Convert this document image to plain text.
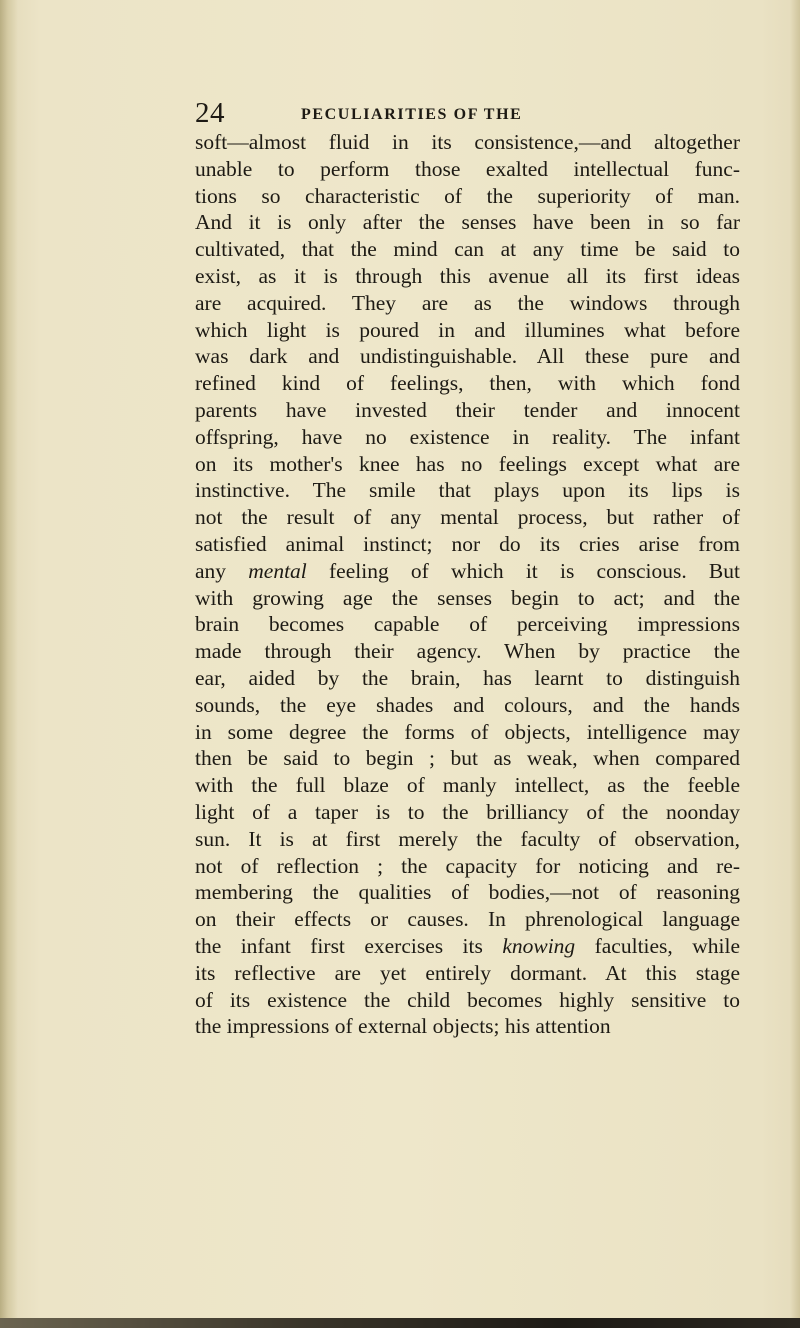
24	PECULIARITIES OF THE
soft—almost fluid in its consistence,—and altogether
unable to perform those exalted intellectual func-
tions so characteristic of the superiority of man.
And it is only after the senses have been in so far
cultivated, that the mind can at any time be said to
exist, as it is through this avenue all its first ideas
are acquired. They are as the windows through
which light is poured in and illumines what before
was dark and undistinguishable. All these pure and
refined kind of feelings, then, with which fond
parents have invested their tender and innocent
offspring, have no existence in reality. The infant
on its mother's knee has no feelings except what are
instinctive. The smile that plays upon its lips is
not the result of any mental process, but rather of
satisfied animal instinct; nor do its cries arise from
any mental feeling of which it is conscious. But
with growing age the senses begin to act; and the
brain becomes capable of perceiving impressions
made through their agency. When by practice the
ear, aided by the brain, has learnt to distinguish
sounds, the eye shades and colours, and the hands
in some degree the forms of objects, intelligence may
then be said to begin ; but as weak, when compared
with the full blaze of manly intellect, as the feeble
light of a taper is to the brilliancy of the noonday
sun. It is at first merely the faculty of observation,
not of reflection ; the capacity for noticing and re-
membering the qualities of bodies,—not of reasoning
on their effects or causes. In phrenological language
the infant first exercises its knowing faculties, while
its reflective are yet entirely dormant. At this stage
of its existence the child becomes highly sensitive to
the impressions of external objects; his attention
